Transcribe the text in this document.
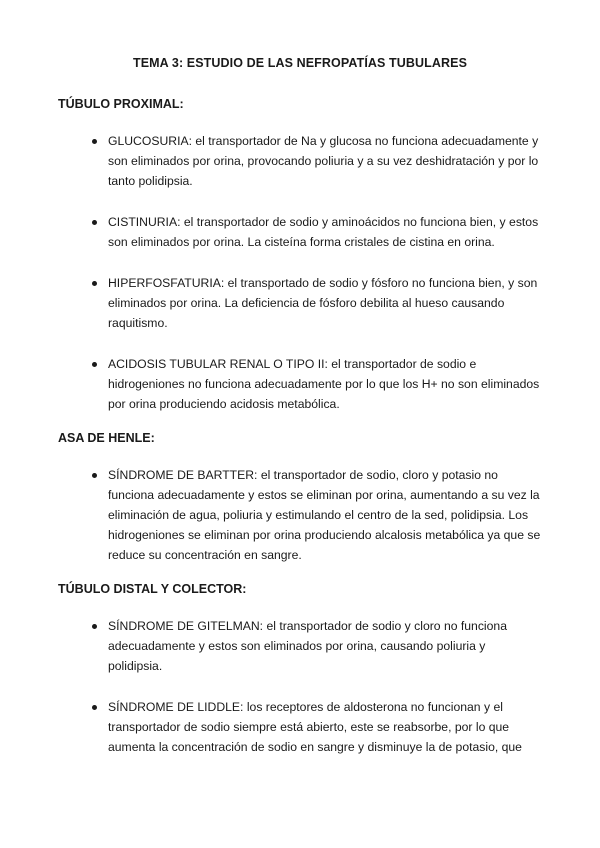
TEMA 3: ESTUDIO DE LAS NEFROPATÍAS TUBULARES
TÚBULO PROXIMAL:
GLUCOSURIA: el transportador de Na y glucosa no funciona adecuadamente y son eliminados por orina, provocando poliuria y a su vez deshidratación y por lo tanto polidipsia.
CISTINURIA: el transportador de sodio y aminoácidos no funciona bien, y estos son eliminados por orina. La cisteína forma cristales de cistina en orina.
HIPERFOSFATURIA: el transportado de sodio y fósforo no funciona bien, y son eliminados por orina. La deficiencia de fósforo debilita al hueso causando raquitismo.
ACIDOSIS TUBULAR RENAL O TIPO II: el transportador de sodio e hidrogeniones no funciona adecuadamente por lo que los H+ no son eliminados por orina produciendo acidosis metabólica.
ASA DE HENLE:
SÍNDROME DE BARTTER: el transportador de sodio, cloro y potasio no funciona adecuadamente y estos se eliminan por orina, aumentando a su vez la eliminación de agua, poliuria y estimulando el centro de la sed, polidipsia. Los hidrogeniones se eliminan por orina produciendo alcalosis metabólica ya que se reduce su concentración en sangre.
TÚBULO DISTAL Y COLECTOR:
SÍNDROME DE GITELMAN: el transportador de sodio y cloro no funciona adecuadamente y estos son eliminados por orina, causando poliuria y polidipsia.
SÍNDROME DE LIDDLE: los receptores de aldosterona no funcionan y el transportador de sodio siempre está abierto, este se reabsorbe, por lo que aumenta la concentración de sodio en sangre y disminuye la de potasio, que
